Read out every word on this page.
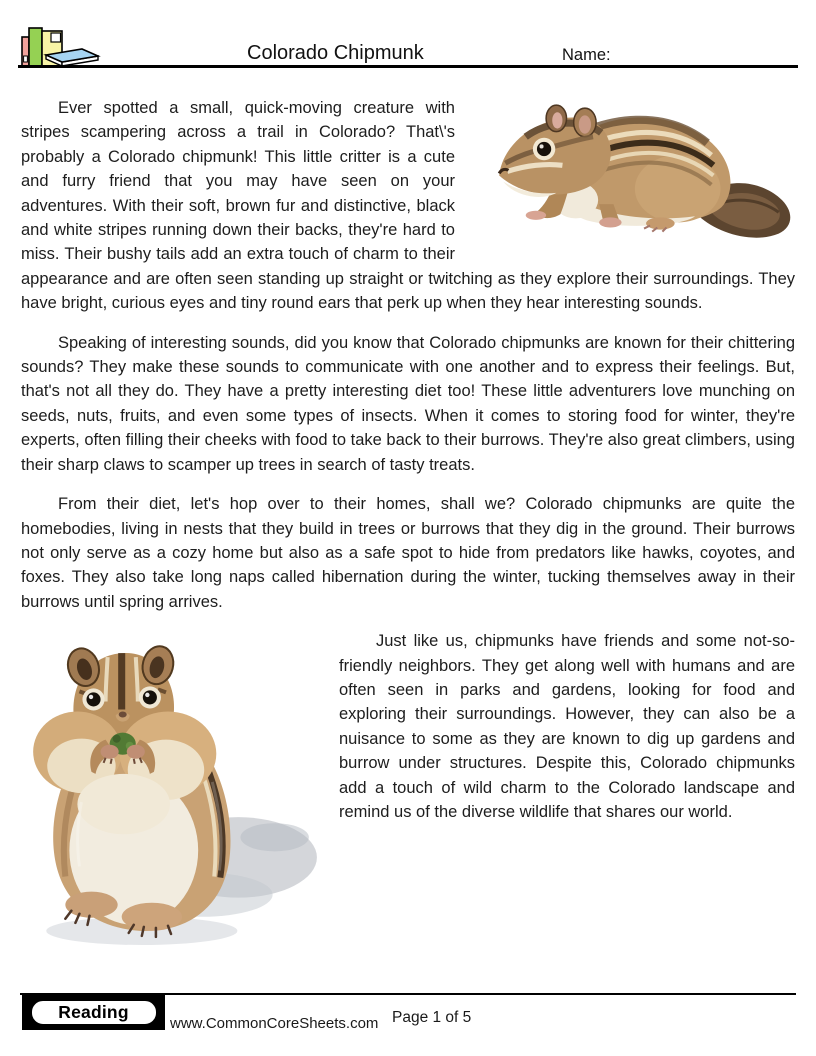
Colorado Chipmunk	Name:

Ever spotted a small, quick-moving creature with stripes scampering across a trail in Colorado? That\'s probably a Colorado chipmunk! This little critter is a cute and furry friend that you may have seen on your adventures. With their soft, brown fur and distinctive, black and white stripes running down their backs, they're hard to miss. Their bushy tails add an extra touch of charm to their appearance and are often seen standing up straight or twitching as they explore their surroundings. They have bright, curious eyes and tiny round ears that perk up when they hear interesting sounds.

Speaking of interesting sounds, did you know that Colorado chipmunks are known for their chittering sounds? They make these sounds to communicate with one another and to express their feelings. But, that's not all they do. They have a pretty interesting diet too! These little adventurers love munching on seeds, nuts, fruits, and even some types of insects. When it comes to storing food for winter, they're experts, often filling their cheeks with food to take back to their burrows. They're also great climbers, using their sharp claws to scamper up trees in search of tasty treats.

From their diet, let's hop over to their homes, shall we? Colorado chipmunks are quite the homebodies, living in nests that they build in trees or burrows that they dig in the ground. Their burrows not only serve as a cozy home but also as a safe spot to hide from predators like hawks, coyotes, and foxes. They also take long naps called hibernation during the winter, tucking themselves away in their burrows until spring arrives.

Just like us, chipmunks have friends and some not-so-friendly neighbors. They get along well with humans and are often seen in parks and gardens, looking for food and exploring their surroundings. However, they can also be a nuisance to some as they are known to dig up gardens and burrow under structures. Despite this, Colorado chipmunks add a touch of wild charm to the Colorado landscape and remind us of the diverse wildlife that shares our world.

Reading
www.CommonCoreSheets.com Page 1 of 5
